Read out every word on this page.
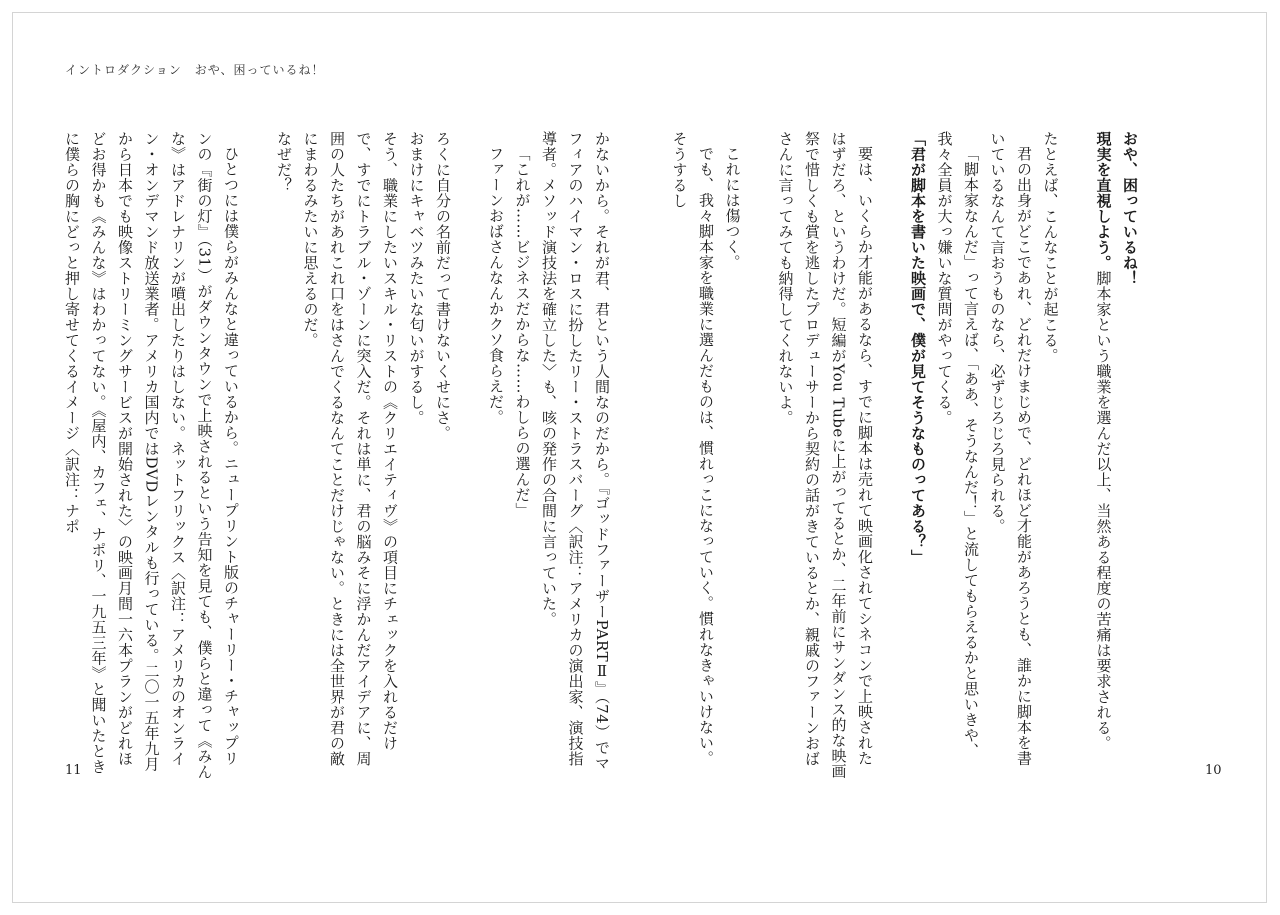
イントロダクション　おや、困っているね！

おや、困っているね！

現実を直視しよう。脚本家という職業を選んだ以上、当然ある程度の苦痛は要求される。

たとえば、こんなことが起こる。

君の出身がどこであれ、どれだけまじめで、どれほど才能があろうとも、誰かに脚本を書いているなんて言おうものなら、必ずじろじろ見られる。

「脚本家なんだ」って言えば、「ああ、そうなんだ！」と流してもらえるかと思いきや、我々全員が大っ嫌いな質問がやってくる。

「君が脚本を書いた映画で、僕が見てそうなものってある？」

要は、いくらか才能があるなら、すでに脚本は売れて映画化されてシネコンで上映されたはずだろ、というわけだ。短編がYou Tubeに上がってるとか、二年前にサンダンス的な映画祭で惜しくも賞を逃したプロデューサーから契約の話がきているとか、親戚のファーンおばさんに言ってみても納得してくれないよ。

これには傷つく。

でも、我々脚本家を職業に選んだものは、慣れっこになっていく。慣れなきゃいけない。そうするし

かないから。それが君、君という人間なのだから。『ゴッドファーザーPARTⅡ』（74）でマフィアのハイマン・ロスに扮したリー・ストラスバーグ〈訳注：アメリカの演出家、演技指導者。メソッド演技法を確立した〉も、咳の発作の合間に言っていた。

「これが……ビジネスだからな……わしらの選んだ」

ファーンおばさんなんかクソ食らえだ。

ろくに自分の名前だって書けないくせにさ。

おまけにキャベツみたいな匂いがするし。

そう、職業にしたいスキル・リストの《クリエイティヴ》の項目にチェックを入れるだけで、すでにトラブル・ゾーンに突入だ。それは単に、君の脳みそに浮かんだアイデアに、周囲の人たちがあれこれ口をはさんでくるなんてことだけじゃない。ときには全世界が君の敵にまわるみたいに思えるのだ。

なぜだ？

ひとつには僕らがみんなと違っているから。ニュープリント版のチャーリー・チャップリンの『街の灯』（31）がダウンタウンで上映されるという告知を見ても、僕らと違って《みんな》はアドレナリンが噴出したりはしない。ネットフリックス〈訳注：アメリカのオンライン・オンデマンド放送業者。アメリカ国内ではDVDレンタルも行っている。二〇一五年九月から日本でも映像ストリーミングサービスが開始された〉の映画月間一六本プランがどれほどお得かも《みんな》はわかってない。《屋内、カフェ、ナポリ、一九五三年》と聞いたときに僕らの胸にどっと押し寄せてくるイメージ〈訳注：ナポ

11	10
